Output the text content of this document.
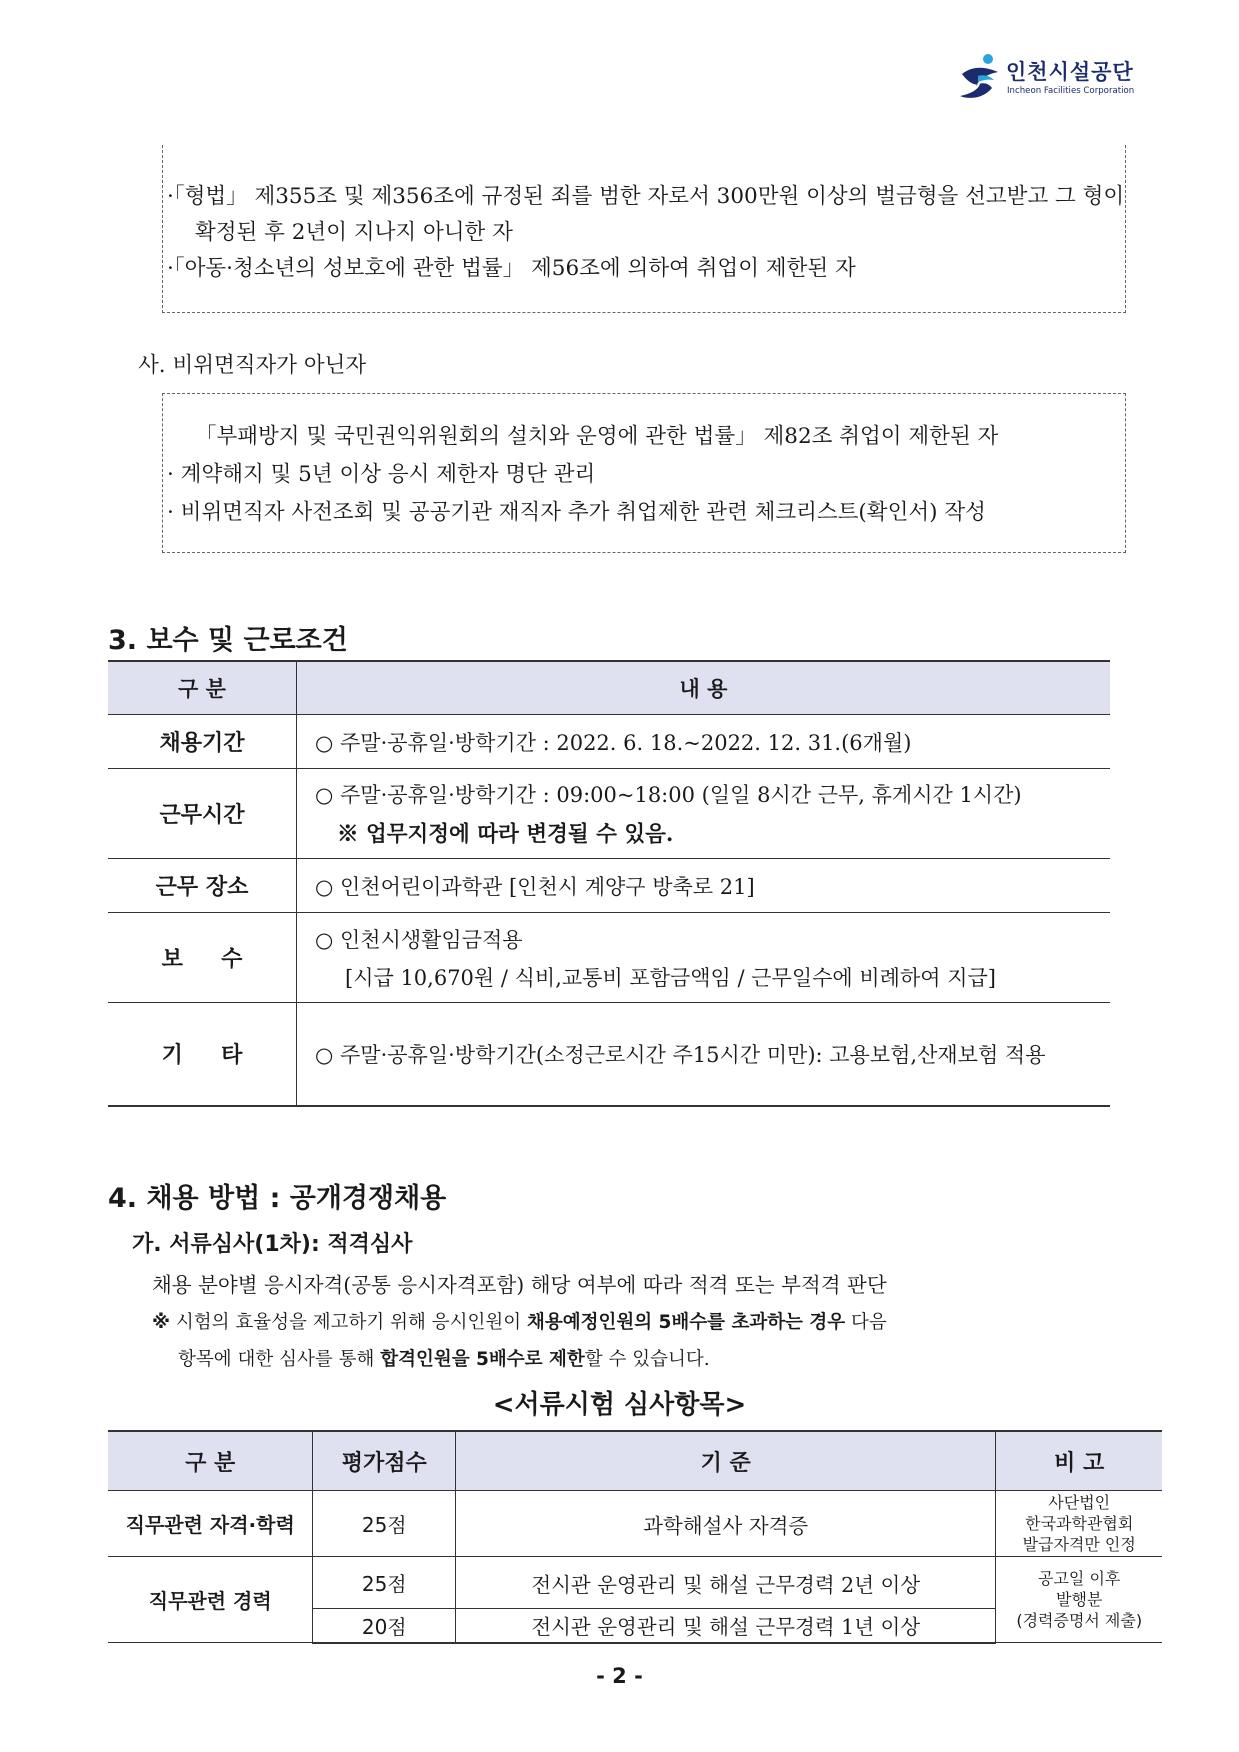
인천시설공단
Incheon Facilities Corporation
·「형법」 제355조 및 제356조에 규정된 죄를 범한 자로서 300만원 이상의 벌금형을 선고받고 그 형이
확정된 후 2년이 지나지 아니한 자
·「아동·청소년의 성보호에 관한 법률」 제56조에 의하여 취업이 제한된 자
사. 비위면직자가 아닌자
「부패방지 및 국민권익위원회의 설치와 운영에 관한 법률」 제82조 취업이 제한된 자
· 계약해지 및 5년 이상 응시 제한자 명단 관리
· 비위면직자 사전조회 및 공공기관 재직자 추가 취업제한 관련 체크리스트(확인서) 작성
3. 보수 및 근로조건
구 분	내 용
채용기간	○ 주말·공휴일·방학기간 : 2022. 6. 18.~2022. 12. 31.(6개월)
근무시간	○ 주말·공휴일·방학기간 : 09:00~18:00 (일일 8시간 근무, 휴게시간 1시간)
※ 업무지정에 따라 변경될 수 있음.

근무 장소	○ 인천어린이과학관 [인천시 계양구 방축로 21]
보     수	○ 인천시생활임금적용
[시급 10,670원 / 식비,교통비 포함금액임 / 근무일수에 비례하여 지급]

기     타	○ 주말·공휴일·방학기간(소정근로시간 주15시간 미만): 고용보험,산재보험 적용
4. 채용 방법 : 공개경쟁채용
가. 서류심사(1차): 적격심사
채용 분야별 응시자격(공통 응시자격포함) 해당 여부에 따라 적격 또는 부적격 판단
※ 시험의 효율성을 제고하기 위해 응시인원이 채용예정인원의 5배수를 초과하는 경우 다음
항목에 대한 심사를 통해 합격인원을 5배수로 제한할 수 있습니다.
<서류시험 심사항목>
구 분	평가점수	기 준	비 고
직무관련 자격·학력	25점	과학해설사 자격증	사단법인
한국과학관협회
발급자격만 인정

직무관련 경력	25점	전시관 운영관리 및 해설 근무경력 2년 이상	공고일 이후
발행분
(경력증명서 제출)

	20점	전시관 운영관리 및 해설 근무경력 1년 이상	
- 2 -
